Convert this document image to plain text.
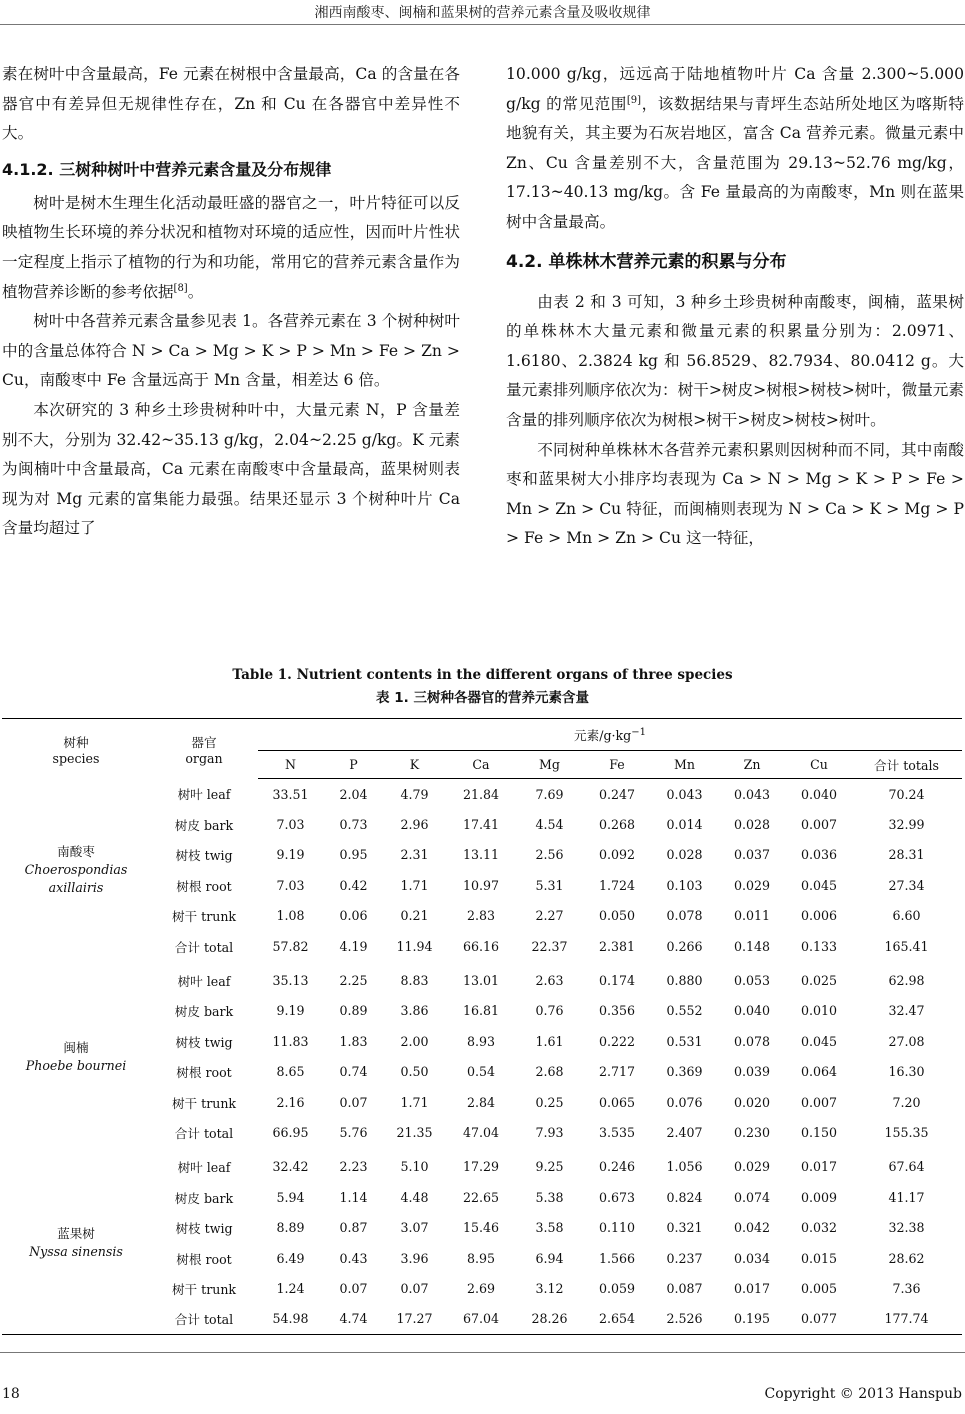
湘西南酸枣、闽楠和蓝果树的营养元素含量及吸收规律

素在树叶中含量最高，Fe 元素在树根中含量最高，Ca 的含量在各器官中有差异但无规律性存在，Zn 和 Cu 在各器官中差异性不大。

4.1.2. 三树种树叶中营养元素含量及分布规律

树叶是树木生理生化活动最旺盛的器官之一，叶片特征可以反映植物生长环境的养分状况和植物对环境的适应性，因而叶片性状一定程度上指示了植物的行为和功能，常用它的营养元素含量作为植物营养诊断的参考依据[8]。

树叶中各营养元素含量参见表 1。各营养元素在 3 个树种树叶中的含量总体符合 N > Ca > Mg > K > P > Mn > Fe > Zn > Cu，南酸枣中 Fe 含量远高于 Mn 含量，相差达 6 倍。

本次研究的 3 种乡土珍贵树种叶中，大量元素 N，P 含量差别不大，分别为 32.42~35.13 g/kg，2.04~2.25 g/kg。K 元素为闽楠叶中含量最高，Ca 元素在南酸枣中含量最高，蓝果树则表现为对 Mg 元素的富集能力最强。结果还显示 3 个树种叶片 Ca 含量均超过了

10.000 g/kg，远远高于陆地植物叶片 Ca 含量 2.300~5.000 g/kg 的常见范围[9]，该数据结果与青坪生态站所处地区为喀斯特地貌有关，其主要为石灰岩地区，富含 Ca 营养元素。微量元素中 Zn、Cu 含量差别不大，含量范围为 29.13~52.76 mg/kg，17.13~40.13 mg/kg。含 Fe 量最高的为南酸枣，Mn 则在蓝果树中含量最高。

4.2. 单株林木营养元素的积累与分布

由表 2 和 3 可知，3 种乡土珍贵树种南酸枣，闽楠，蓝果树的单株林木大量元素和微量元素的积累量分别为：2.0971、1.6180、2.3824 kg 和 56.8529、82.7934、80.0412 g。大量元素排列顺序依次为：树干>树皮>树根>树枝>树叶，微量元素含量的排列顺序依次为树根>树干>树皮>树枝>树叶。

不同树种单株林木各营养元素积累则因树种而不同，其中南酸枣和蓝果树大小排序均表现为 Ca > N > Mg > K > P > Fe > Mn > Zn > Cu 特征，而闽楠则表现为 N > Ca > K > Mg > P > Fe > Mn > Zn > Cu 这一特征，

Table 1. Nutrient contents in the different organs of three species
表 1. 三树种各器官的营养元素含量
树种
species	器官
organ	元素$/g\cdot kg^{-1}$
		N	P	K	Ca	Mg	Fe	Mn	Zn	Cu	合计 totals
南酸枣
Choerospondias axillairis	树叶 leaf	33.51	2.04	4.79	21.84	7.69	0.247	0.043	0.043	0.040	70.24
	树皮 bark	7.03	0.73	2.96	17.41	4.54	0.268	0.014	0.028	0.007	32.99
	树枝 twig	9.19	0.95	2.31	13.11	2.56	0.092	0.028	0.037	0.036	28.31
	树根 root	7.03	0.42	1.71	10.97	5.31	1.724	0.103	0.029	0.045	27.34
	树干 trunk	1.08	0.06	0.21	2.83	2.27	0.050	0.078	0.011	0.006	6.60
	合计 total	57.82	4.19	11.94	66.16	22.37	2.381	0.266	0.148	0.133	165.41

闽楠
Phoebe bournei	树叶 leaf	35.13	2.25	8.83	13.01	2.63	0.174	0.880	0.053	0.025	62.98
	树皮 bark	9.19	0.89	3.86	16.81	0.76	0.356	0.552	0.040	0.010	32.47
	树枝 twig	11.83	1.83	2.00	8.93	1.61	0.222	0.531	0.078	0.045	27.08
	树根 root	8.65	0.74	0.50	0.54	2.68	2.717	0.369	0.039	0.064	16.30
	树干 trunk	2.16	0.07	1.71	2.84	0.25	0.065	0.076	0.020	0.007	7.20
	合计 total	66.95	5.76	21.35	47.04	7.93	3.535	2.407	0.230	0.150	155.35

蓝果树
Nyssa sinensis	树叶 leaf	32.42	2.23	5.10	17.29	9.25	0.246	1.056	0.029	0.017	67.64
	树皮 bark	5.94	1.14	4.48	22.65	5.38	0.673	0.824	0.074	0.009	41.17
	树枝 twig	8.89	0.87	3.07	15.46	3.58	0.110	0.321	0.042	0.032	32.38
	树根 root	6.49	0.43	3.96	8.95	6.94	1.566	0.237	0.034	0.015	28.62
	树干 trunk	1.24	0.07	0.07	2.69	3.12	0.059	0.087	0.017	0.005	7.36
	合计 total	54.98	4.74	17.27	67.04	28.26	2.654	2.526	0.195	0.077	177.74
18	Copyright © 2013 Hanspub
